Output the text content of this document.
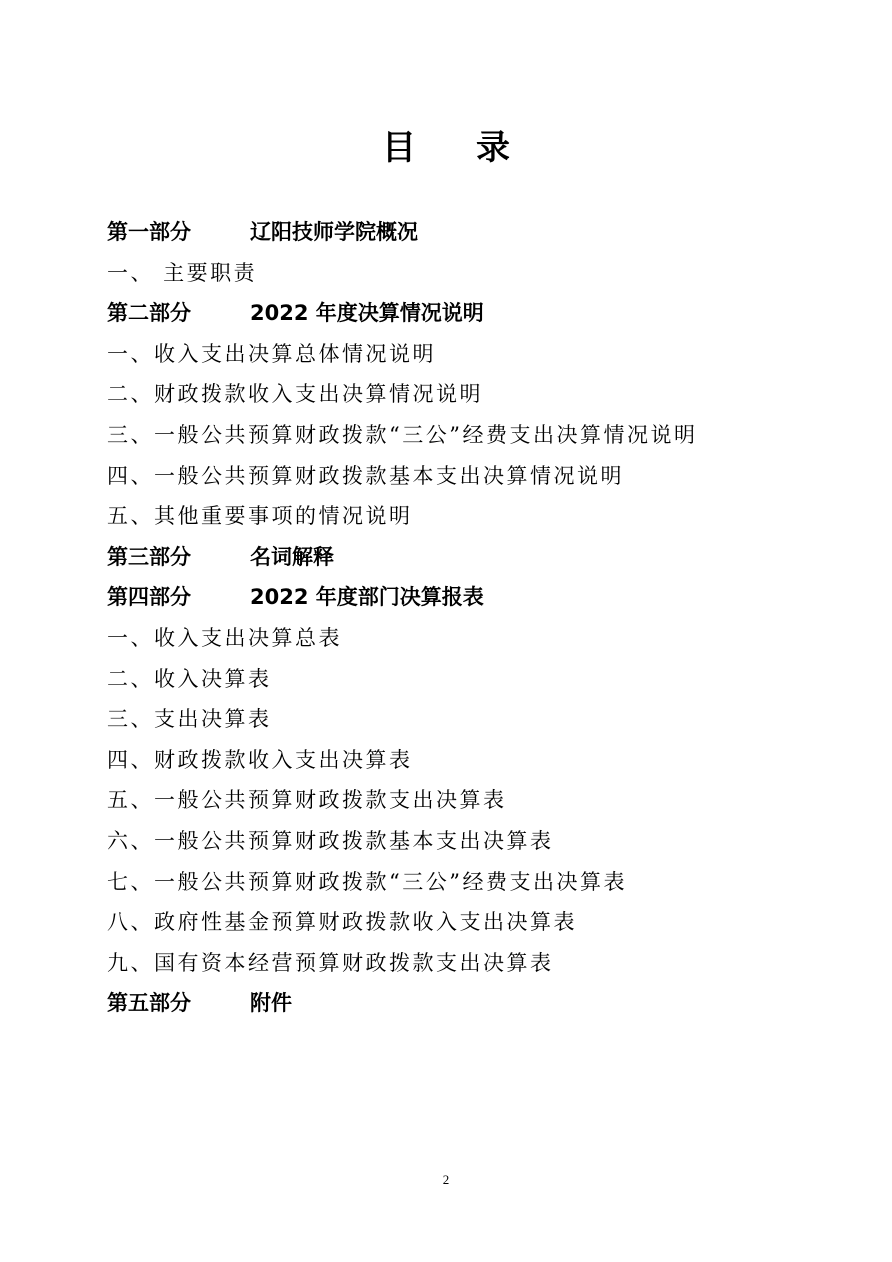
目 录
第一部分	辽阳技师学院概况
一、 主要职责
第二部分	2022 年度决算情况说明
一、收入支出决算总体情况说明
二、财政拨款收入支出决算情况说明
三、一般公共预算财政拨款“三公”经费支出决算情况说明
四、一般公共预算财政拨款基本支出决算情况说明
五、其他重要事项的情况说明
第三部分	名词解释
第四部分	2022 年度部门决算报表
一、收入支出决算总表
二、收入决算表
三、支出决算表
四、财政拨款收入支出决算表
五、一般公共预算财政拨款支出决算表
六、一般公共预算财政拨款基本支出决算表
七、一般公共预算财政拨款“三公”经费支出决算表
八、政府性基金预算财政拨款收入支出决算表
九、国有资本经营预算财政拨款支出决算表
第五部分	附件
2
